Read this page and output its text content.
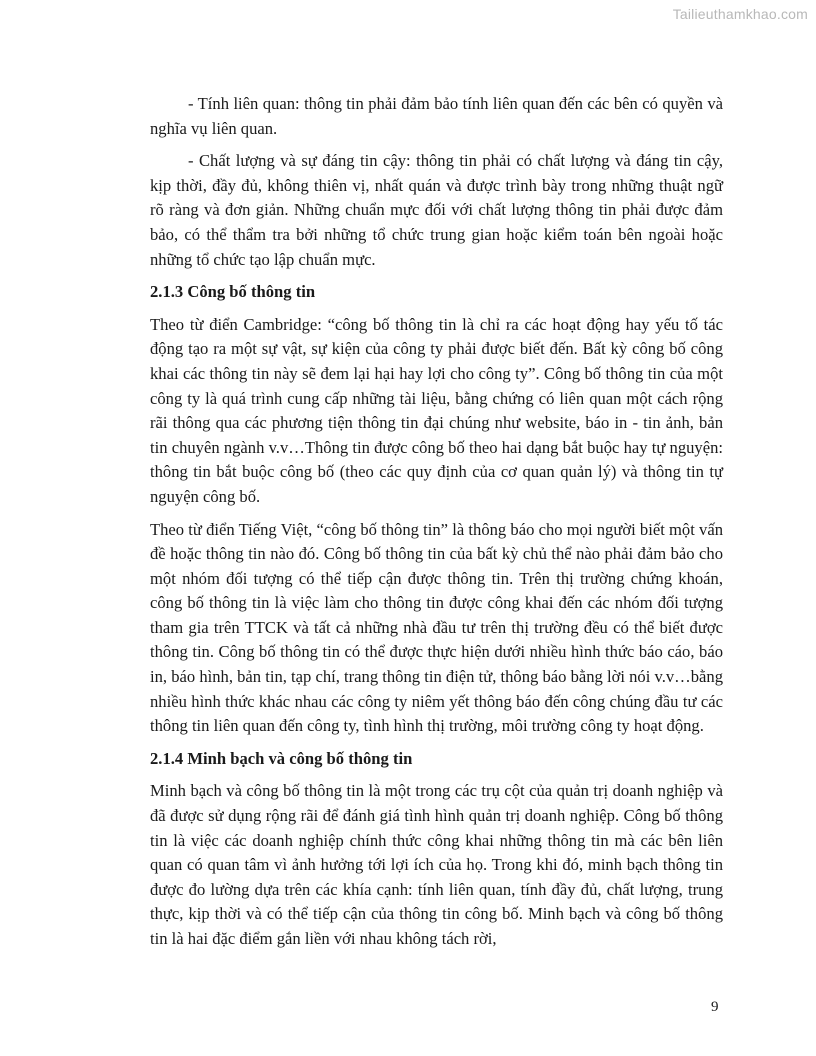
Tailieuthamkhao.com

- Tính liên quan: thông tin phải đảm bảo tính liên quan đến các bên có quyền và nghĩa vụ liên quan.

- Chất lượng và sự đáng tin cậy: thông tin phải có chất lượng và đáng tin cậy, kịp thời, đầy đủ, không thiên vị, nhất quán và được trình bày trong những thuật ngữ rõ ràng và đơn giản. Những chuẩn mực đối với chất lượng thông tin phải được đảm bảo, có thể thẩm tra bởi những tổ chức trung gian hoặc kiểm toán bên ngoài hoặc những tổ chức tạo lập chuẩn mực.

2.1.3 Công bố thông tin

Theo từ điển Cambridge: “công bố thông tin là chỉ ra các hoạt động hay yếu tố tác động tạo ra một sự vật, sự kiện của công ty phải được biết đến. Bất kỳ công bố công khai các thông tin này sẽ đem lại hại hay lợi cho công ty”. Công bố thông tin của một công ty là quá trình cung cấp những tài liệu, bằng chứng có liên quan một cách rộng rãi thông qua các phương tiện thông tin đại chúng như website, báo in - tin ảnh, bản tin chuyên ngành v.v…Thông tin được công bố theo hai dạng bắt buộc hay tự nguyện: thông tin bắt buộc công bố (theo các quy định của cơ quan quản lý) và thông tin tự nguyện công bố.

Theo từ điển Tiếng Việt, “công bố thông tin” là thông báo cho mọi người biết một vấn đề hoặc thông tin nào đó. Công bố thông tin của bất kỳ chủ thể nào phải đảm bảo cho một nhóm đối tượng có thể tiếp cận được thông tin. Trên thị trường chứng khoán, công bố thông tin là việc làm cho thông tin được công khai đến các nhóm đối tượng tham gia trên TTCK và tất cả những nhà đầu tư trên thị trường đều có thể biết được thông tin. Công bố thông tin có thể được thực hiện dưới nhiều hình thức báo cáo, báo in, báo hình, bản tin, tạp chí, trang thông tin điện tử, thông báo bằng lời nói v.v…bằng nhiều hình thức khác nhau các công ty niêm yết thông báo đến công chúng đầu tư các thông tin liên quan đến công ty, tình hình thị trường, môi trường công ty hoạt động.

2.1.4 Minh bạch và công bố thông tin

Minh bạch và công bố thông tin là một trong các trụ cột của quản trị doanh nghiệp và đã được sử dụng rộng rãi để đánh giá tình hình quản trị doanh nghiệp. Công bố thông tin là việc các doanh nghiệp chính thức công khai những thông tin mà các bên liên quan có quan tâm vì ảnh hưởng tới lợi ích của họ. Trong khi đó, minh bạch thông tin được đo lường dựa trên các khía cạnh: tính liên quan, tính đầy đủ, chất lượng, trung thực, kịp thời và có thể tiếp cận của thông tin công bố. Minh bạch và công bố thông tin là hai đặc điểm gắn liền với nhau không tách rời,

9
